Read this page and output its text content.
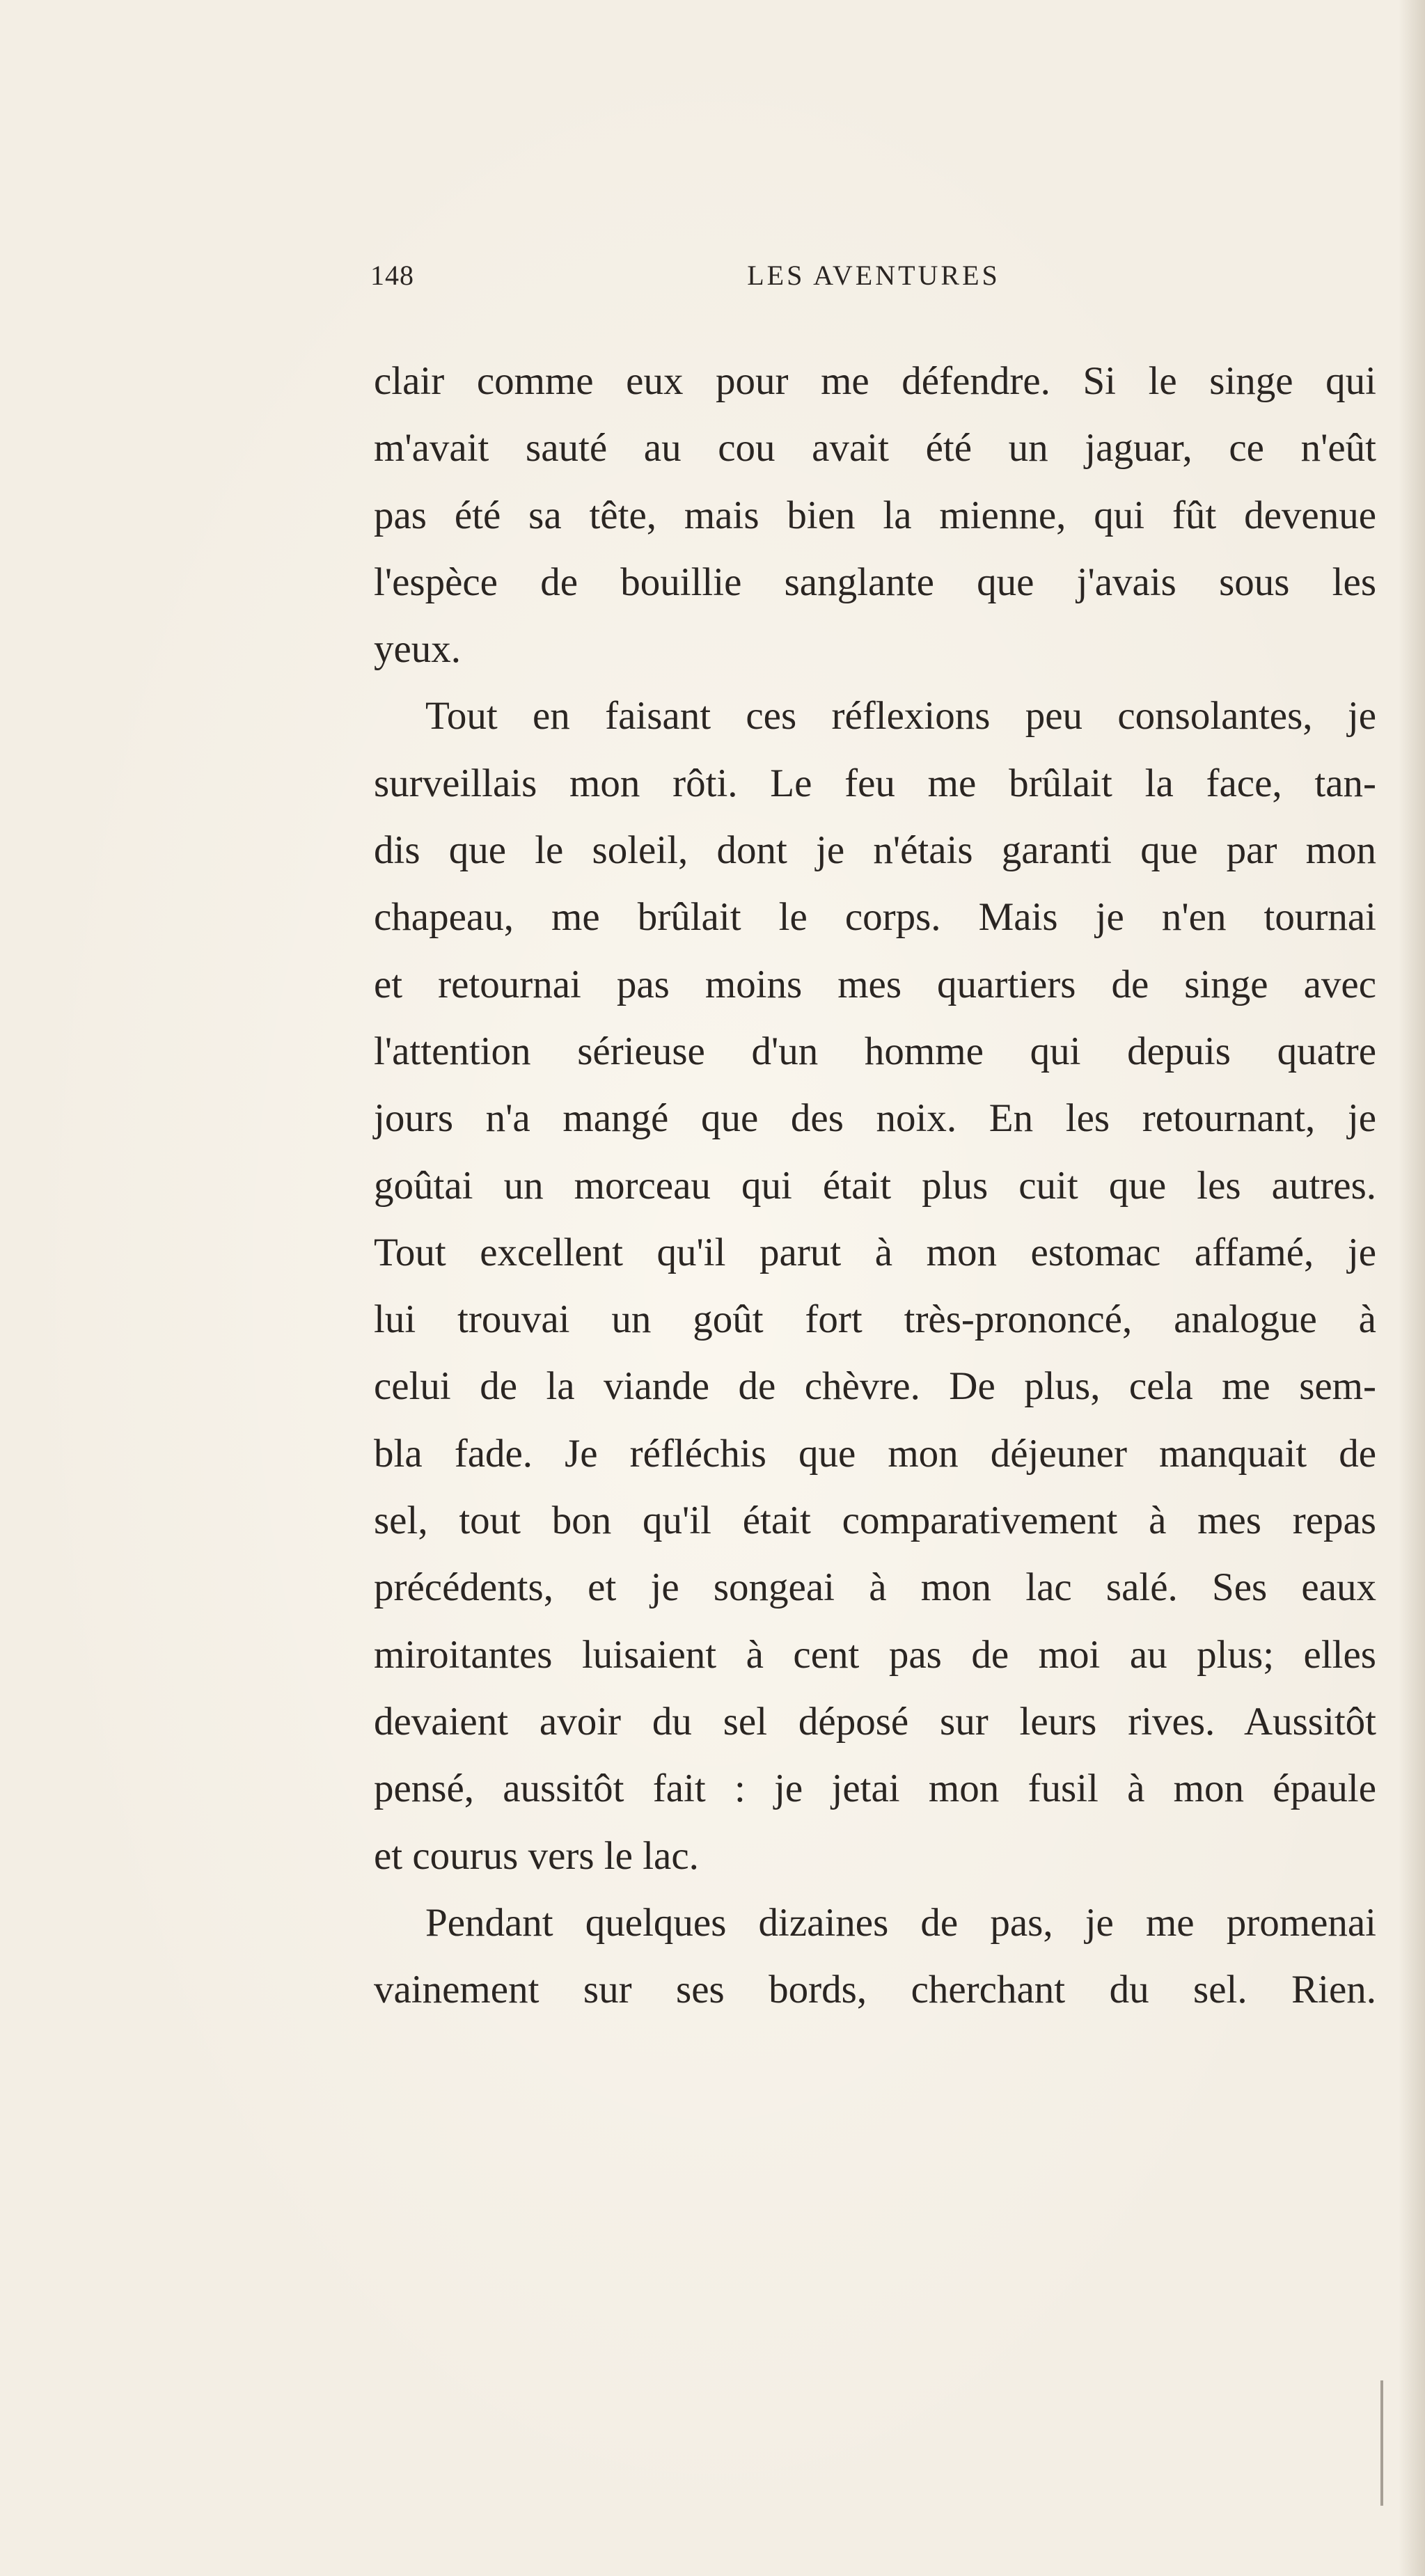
148	LES AVENTURES
clair comme eux pour me défendre. Si le singe qui
m'avait sauté au cou avait été un jaguar, ce n'eût
pas été sa tête, mais bien la mienne, qui fût devenue
l'espèce de bouillie sanglante que j'avais sous les
yeux.
Tout en faisant ces réflexions peu consolantes, je
surveillais mon rôti. Le feu me brûlait la face, tan-
dis que le soleil, dont je n'étais garanti que par mon
chapeau, me brûlait le corps. Mais je n'en tournai
et retournai pas moins mes quartiers de singe avec
l'attention sérieuse d'un homme qui depuis quatre
jours n'a mangé que des noix. En les retournant, je
goûtai un morceau qui était plus cuit que les autres.
Tout excellent qu'il parut à mon estomac affamé, je
lui trouvai un goût fort très-prononcé, analogue à
celui de la viande de chèvre. De plus, cela me sem-
bla fade. Je réfléchis que mon déjeuner manquait de
sel, tout bon qu'il était comparativement à mes repas
précédents, et je songeai à mon lac salé. Ses eaux
miroitantes luisaient à cent pas de moi au plus; elles
devaient avoir du sel déposé sur leurs rives. Aussitôt
pensé, aussitôt fait : je jetai mon fusil à mon épaule
et courus vers le lac.
Pendant quelques dizaines de pas, je me promenai
vainement sur ses bords, cherchant du sel. Rien.
